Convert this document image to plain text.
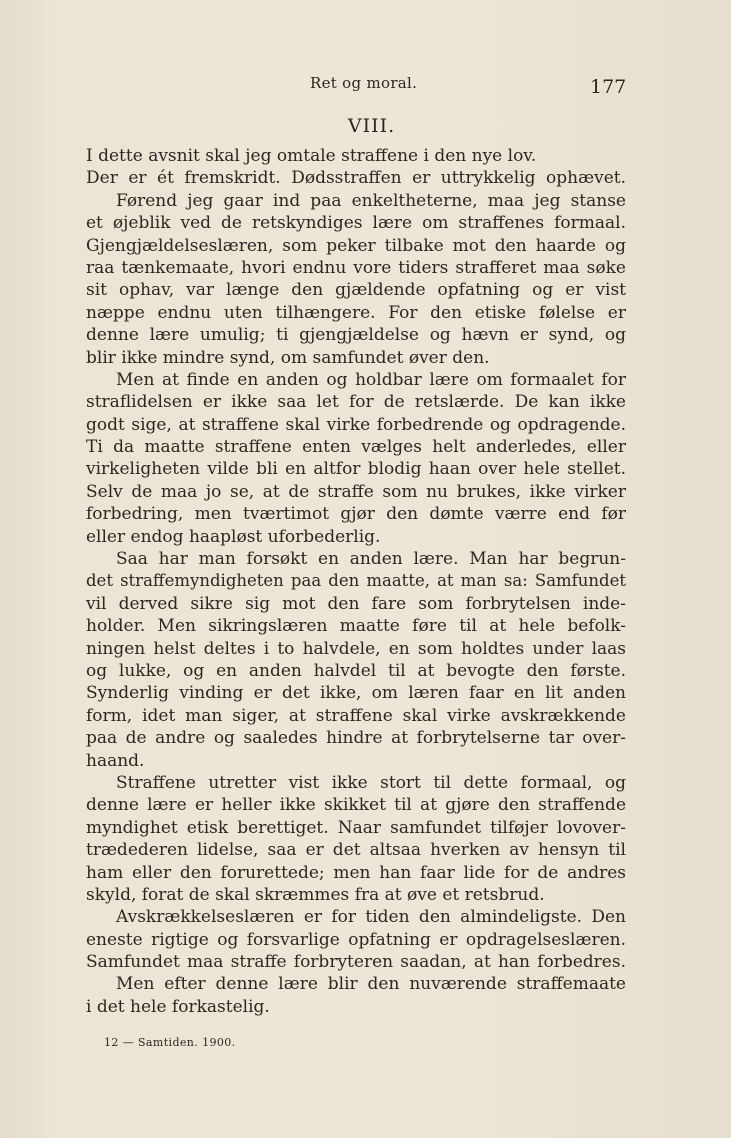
Ret og moral.	177
VIII.
I dette avsnit skal jeg omtale straffene i den nye lov.
Der er ét fremskridt. Dødsstraffen er uttrykkelig ophævet.
Førend jeg gaar ind paa enkeltheterne, maa jeg stanse
et øjeblik ved de retskyndiges lære om straffenes formaal.
Gjengjældelseslæren, som peker tilbake mot den haarde og
raa tænkemaate, hvori endnu vore tiders strafferet maa søke
sit ophav, var længe den gjældende opfatning og er vist
næppe endnu uten tilhængere. For den etiske følelse er
denne lære umulig; ti gjengjældelse og hævn er synd, og
blir ikke mindre synd, om samfundet øver den.
Men at finde en anden og holdbar lære om formaalet for
straflidelsen er ikke saa let for de retslærde. De kan ikke
godt sige, at straffene skal virke forbedrende og opdragende.
Ti da maatte straffene enten vælges helt anderledes, eller
virkeligheten vilde bli en altfor blodig haan over hele stellet.
Selv de maa jo se, at de straffe som nu brukes, ikke virker
forbedring, men tværtimot gjør den dømte værre end før
eller endog haapløst uforbederlig.
Saa har man forsøkt en anden lære. Man har begrun-
det straffemyndigheten paa den maatte, at man sa: Samfundet
vil derved sikre sig mot den fare som forbrytelsen inde-
holder. Men sikringslæren maatte føre til at hele befolk-
ningen helst deltes i to halvdele, en som holdtes under laas
og lukke, og en anden halvdel til at bevogte den første.
Synderlig vinding er det ikke, om læren faar en lit anden
form, idet man siger, at straffene skal virke avskrækkende
paa de andre og saaledes hindre at forbrytelserne tar over-
haand.
Straffene utretter vist ikke stort til dette formaal, og
denne lære er heller ikke skikket til at gjøre den straffende
myndighet etisk berettiget. Naar samfundet tilføjer lovover-
trædederen lidelse, saa er det altsaa hverken av hensyn til
ham eller den forurettede; men han faar lide for de andres
skyld, forat de skal skræmmes fra at øve et retsbrud.
Avskrækkelseslæren er for tiden den almindeligste. Den
eneste rigtige og forsvarlige opfatning er opdragelseslæren.
Samfundet maa straffe forbryteren saadan, at han forbedres.
Men efter denne lære blir den nuværende straffemaate
i det hele forkastelig.
12 — Samtiden. 1900.
